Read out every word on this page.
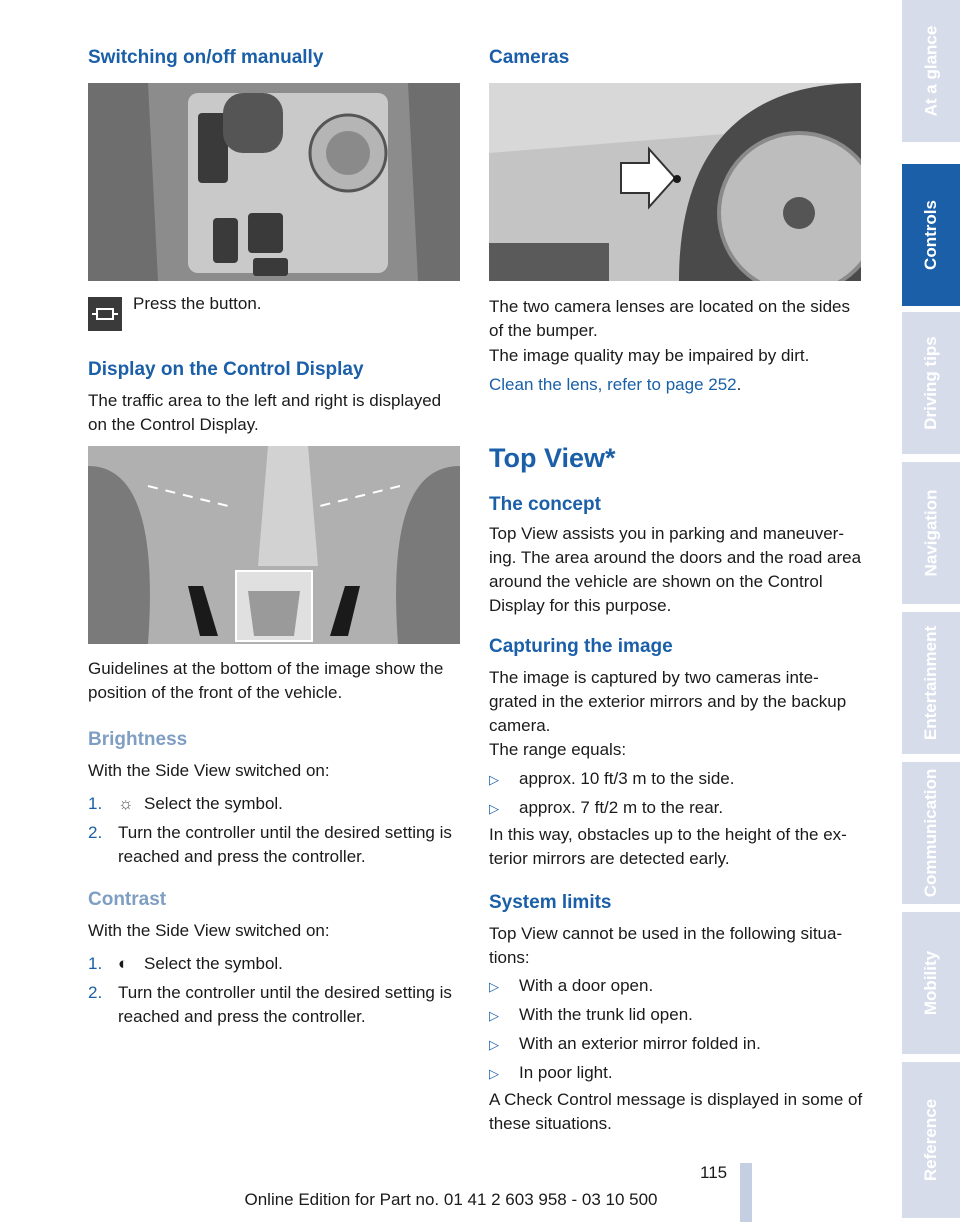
Switching on/off manually
Press the button.
Display on the Control Display

The traffic area to the left and right is displayed on the Control Display.

Guidelines at the bottom of the image show the position of the front of the vehicle.

Brightness

With the Side View switched on:

1. ☼ Select the symbol.
2. Turn the controller until the desired setting is reached and press the controller.
Contrast

With the Side View switched on:

1. ◐ Select the symbol.
2. Turn the controller until the desired setting is reached and press the controller.
Cameras

The two camera lenses are located on the sides of the bumper.

The image quality may be impaired by dirt.

Clean the lens, refer to page 252.

Top View*
The concept

Top View assists you in parking and maneuver-ing. The area around the doors and the road area around the vehicle are shown on the Control Display for this purpose.

Capturing the image

The image is captured by two cameras inte-grated in the exterior mirrors and by the backup camera.

The range equals:

▷ approx. 10 ft/3 m to the side.
▷ approx. 7 ft/2 m to the rear.

In this way, obstacles up to the height of the ex-terior mirrors are detected early.

System limits

Top View cannot be used in the following situa-tions:

▷ With a door open.
▷ With the trunk lid open.
▷ With an exterior mirror folded in.
▷ In poor light.

A Check Control message is displayed in some of these situations.

At a glance
Controls
Driving tips
Navigation
Entertainment
Communication
Mobility
Reference
115
Online Edition for Part no. 01 41 2 603 958 - 03 10 500
